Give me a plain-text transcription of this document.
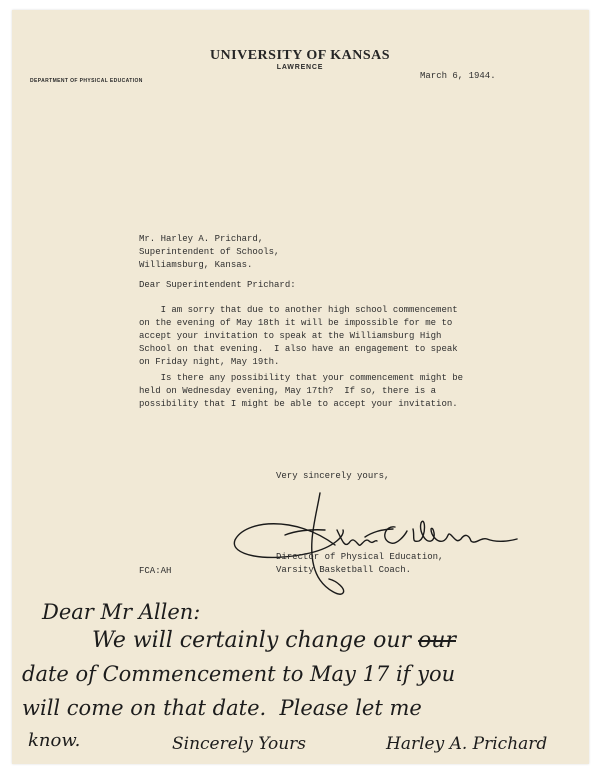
UNIVERSITY OF KANSAS
LAWRENCE
DEPARTMENT OF PHYSICAL EDUCATION	March 6, 1944.
Mr. Harley A. Prichard,
Superintendent of Schools,
Williamsburg, Kansas.
Dear Superintendent Prichard:
I am sorry that due to another high school commencement
on the evening of May 18th it will be impossible for me to
accept your invitation to speak at the Williamsburg High
School on that evening.  I also have an engagement to speak
on Friday night, May 19th.
Is there any possibility that your commencement might be
held on Wednesday evening, May 17th?  If so, there is a
possibility that I might be able to accept your invitation.
Very sincerely yours,
Director of Physical Education,
Varsity Basketball Coach.
FCA:AH
Dear Mr Allen:
We will certainly change our our
date of Commencement to May 17 if you
will come on that date.  Please let me
know.	Sincerely Yours	Harley A. Prichard
